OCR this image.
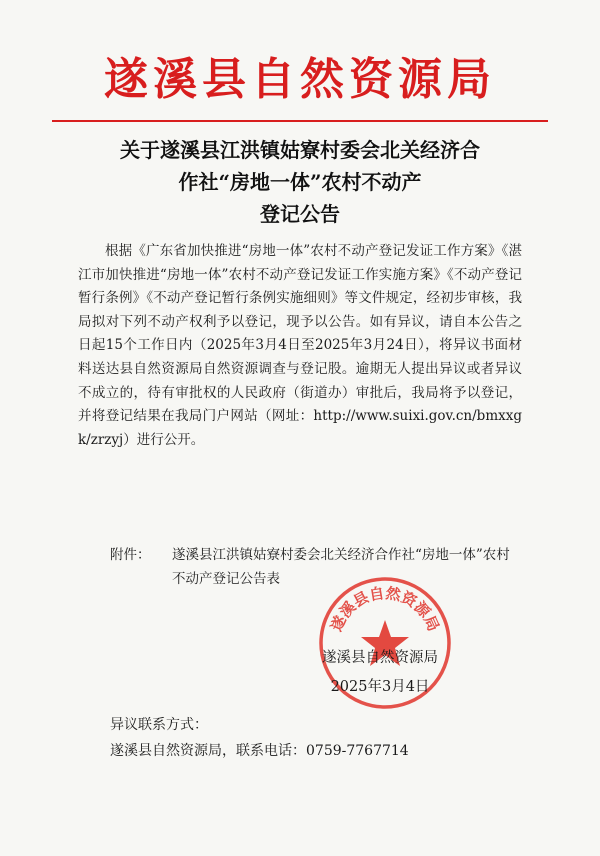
遂溪县自然资源局
关于遂溪县江洪镇姑寮村委会北关经济合
作社“房地一体”农村不动产
登记公告
根据《广东省加快推进“房地一体”农村不动产登记发证工作方案》《湛江市加快推进“房地一体”农村不动产登记发证工作实施方案》《不动产登记暂行条例》《不动产登记暂行条例实施细则》等文件规定，经初步审核，我局拟对下列不动产权利予以登记，现予以公告。如有异议，请自本公告之日起15个工作日内（2025年3月4日至2025年3月24日），将异议书面材料送达县自然资源局自然资源调查与登记股。逾期无人提出异议或者异议不成立的，待有审批权的人民政府（街道办）审批后，我局将予以登记，并将登记结果在我局门户网站（网址：http://www.suixi.gov.cn/bmxxgk/zrzyj）进行公开。
附件：	遂溪县江洪镇姑寮村委会北关经济合作社“房地一体”农村不动产登记公告表
遂溪县自然资源局
遂溪县自然资源局
2025年3月4日
异议联系方式：
遂溪县自然资源局，联系电话：0759-7767714
